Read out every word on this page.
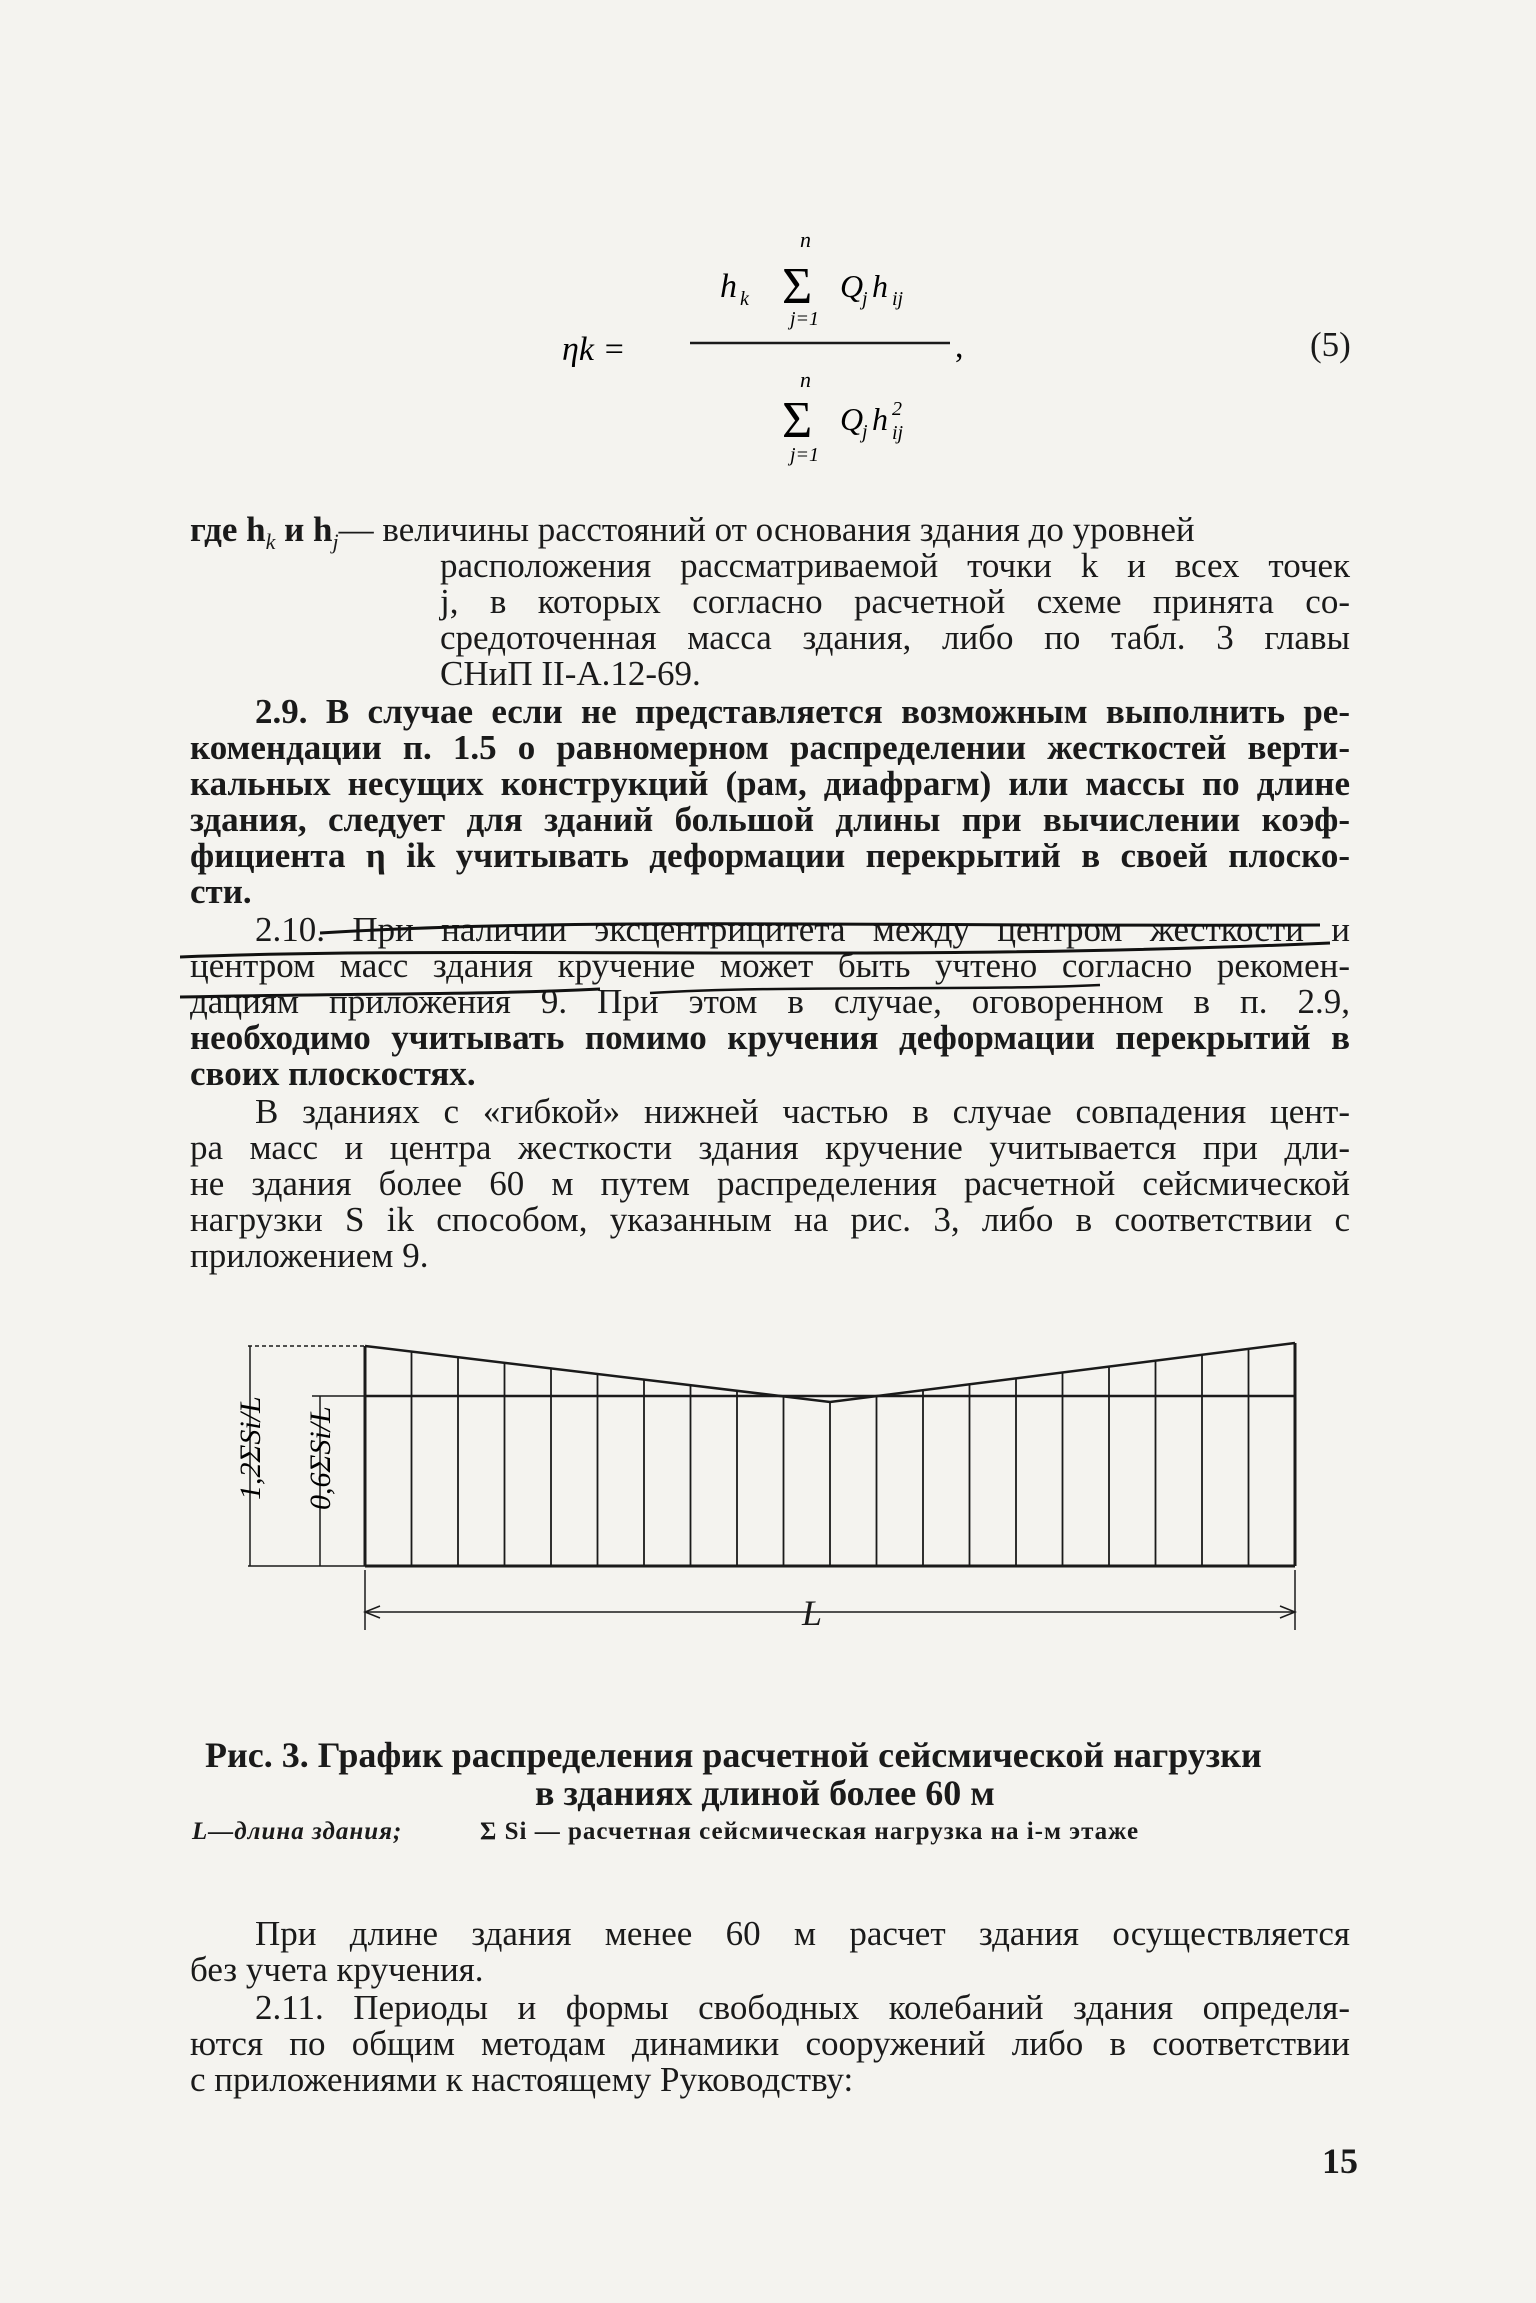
ηk =
h k
n
Σ
j=1
Q
j h ij
,
n
Σ
j=1
Q
j h 2
ij
(5)
где $h_k$ и $h_j—$ величины расстояний от основания здания до уровней
расположения рассматриваемой точки k и всех точек
j, в которых согласно расчетной схеме принята со-
средоточенная масса здания, либо по табл. 3 главы
СНиП II-А.12-69.
2.9. В случае если не представляется возможным выполнить ре-
комендации п. 1.5 о равномерном распределении жесткостей верти-
кальных несущих конструкций (рам, диафрагм) или массы по длине
здания, следует для зданий большой длины при вычислении коэф-
фициента η ik учитывать деформации перекрытий в своей плоско-
сти.
2.10. При наличии эксцентрицитета между центром жесткости и
центром масс здания кручение может быть учтено согласно рекомен-
дациям приложения 9. При этом в случае, оговоренном в п. 2.9,
необходимо учитывать помимо кручения деформации перекрытий в
своих плоскостях.
В зданиях с «гибкой» нижней частью в случае совпадения цент-
ра масс и центра жесткости здания кручение учитывается при дли-
не здания более 60 м путем распределения расчетной сейсмической
нагрузки S ik способом, указанным на рис. 3, либо в соответствии с
приложением 9.
1,2ΣSi/L 0,6ΣSi/L
L
Рис. 3. График распределения расчетной сейсмической нагрузки
в зданиях длиной более 60 м
L—длина здания;	Σ Si — расчетная сейсмическая нагрузка на i-м этаже
При длине здания менее 60 м расчет здания осуществляется
без учета кручения.
2.11. Периоды и формы свободных колебаний здания определя-
ются по общим методам динамики сооружений либо в соответствии
с приложениями к настоящему Руководству:
15
